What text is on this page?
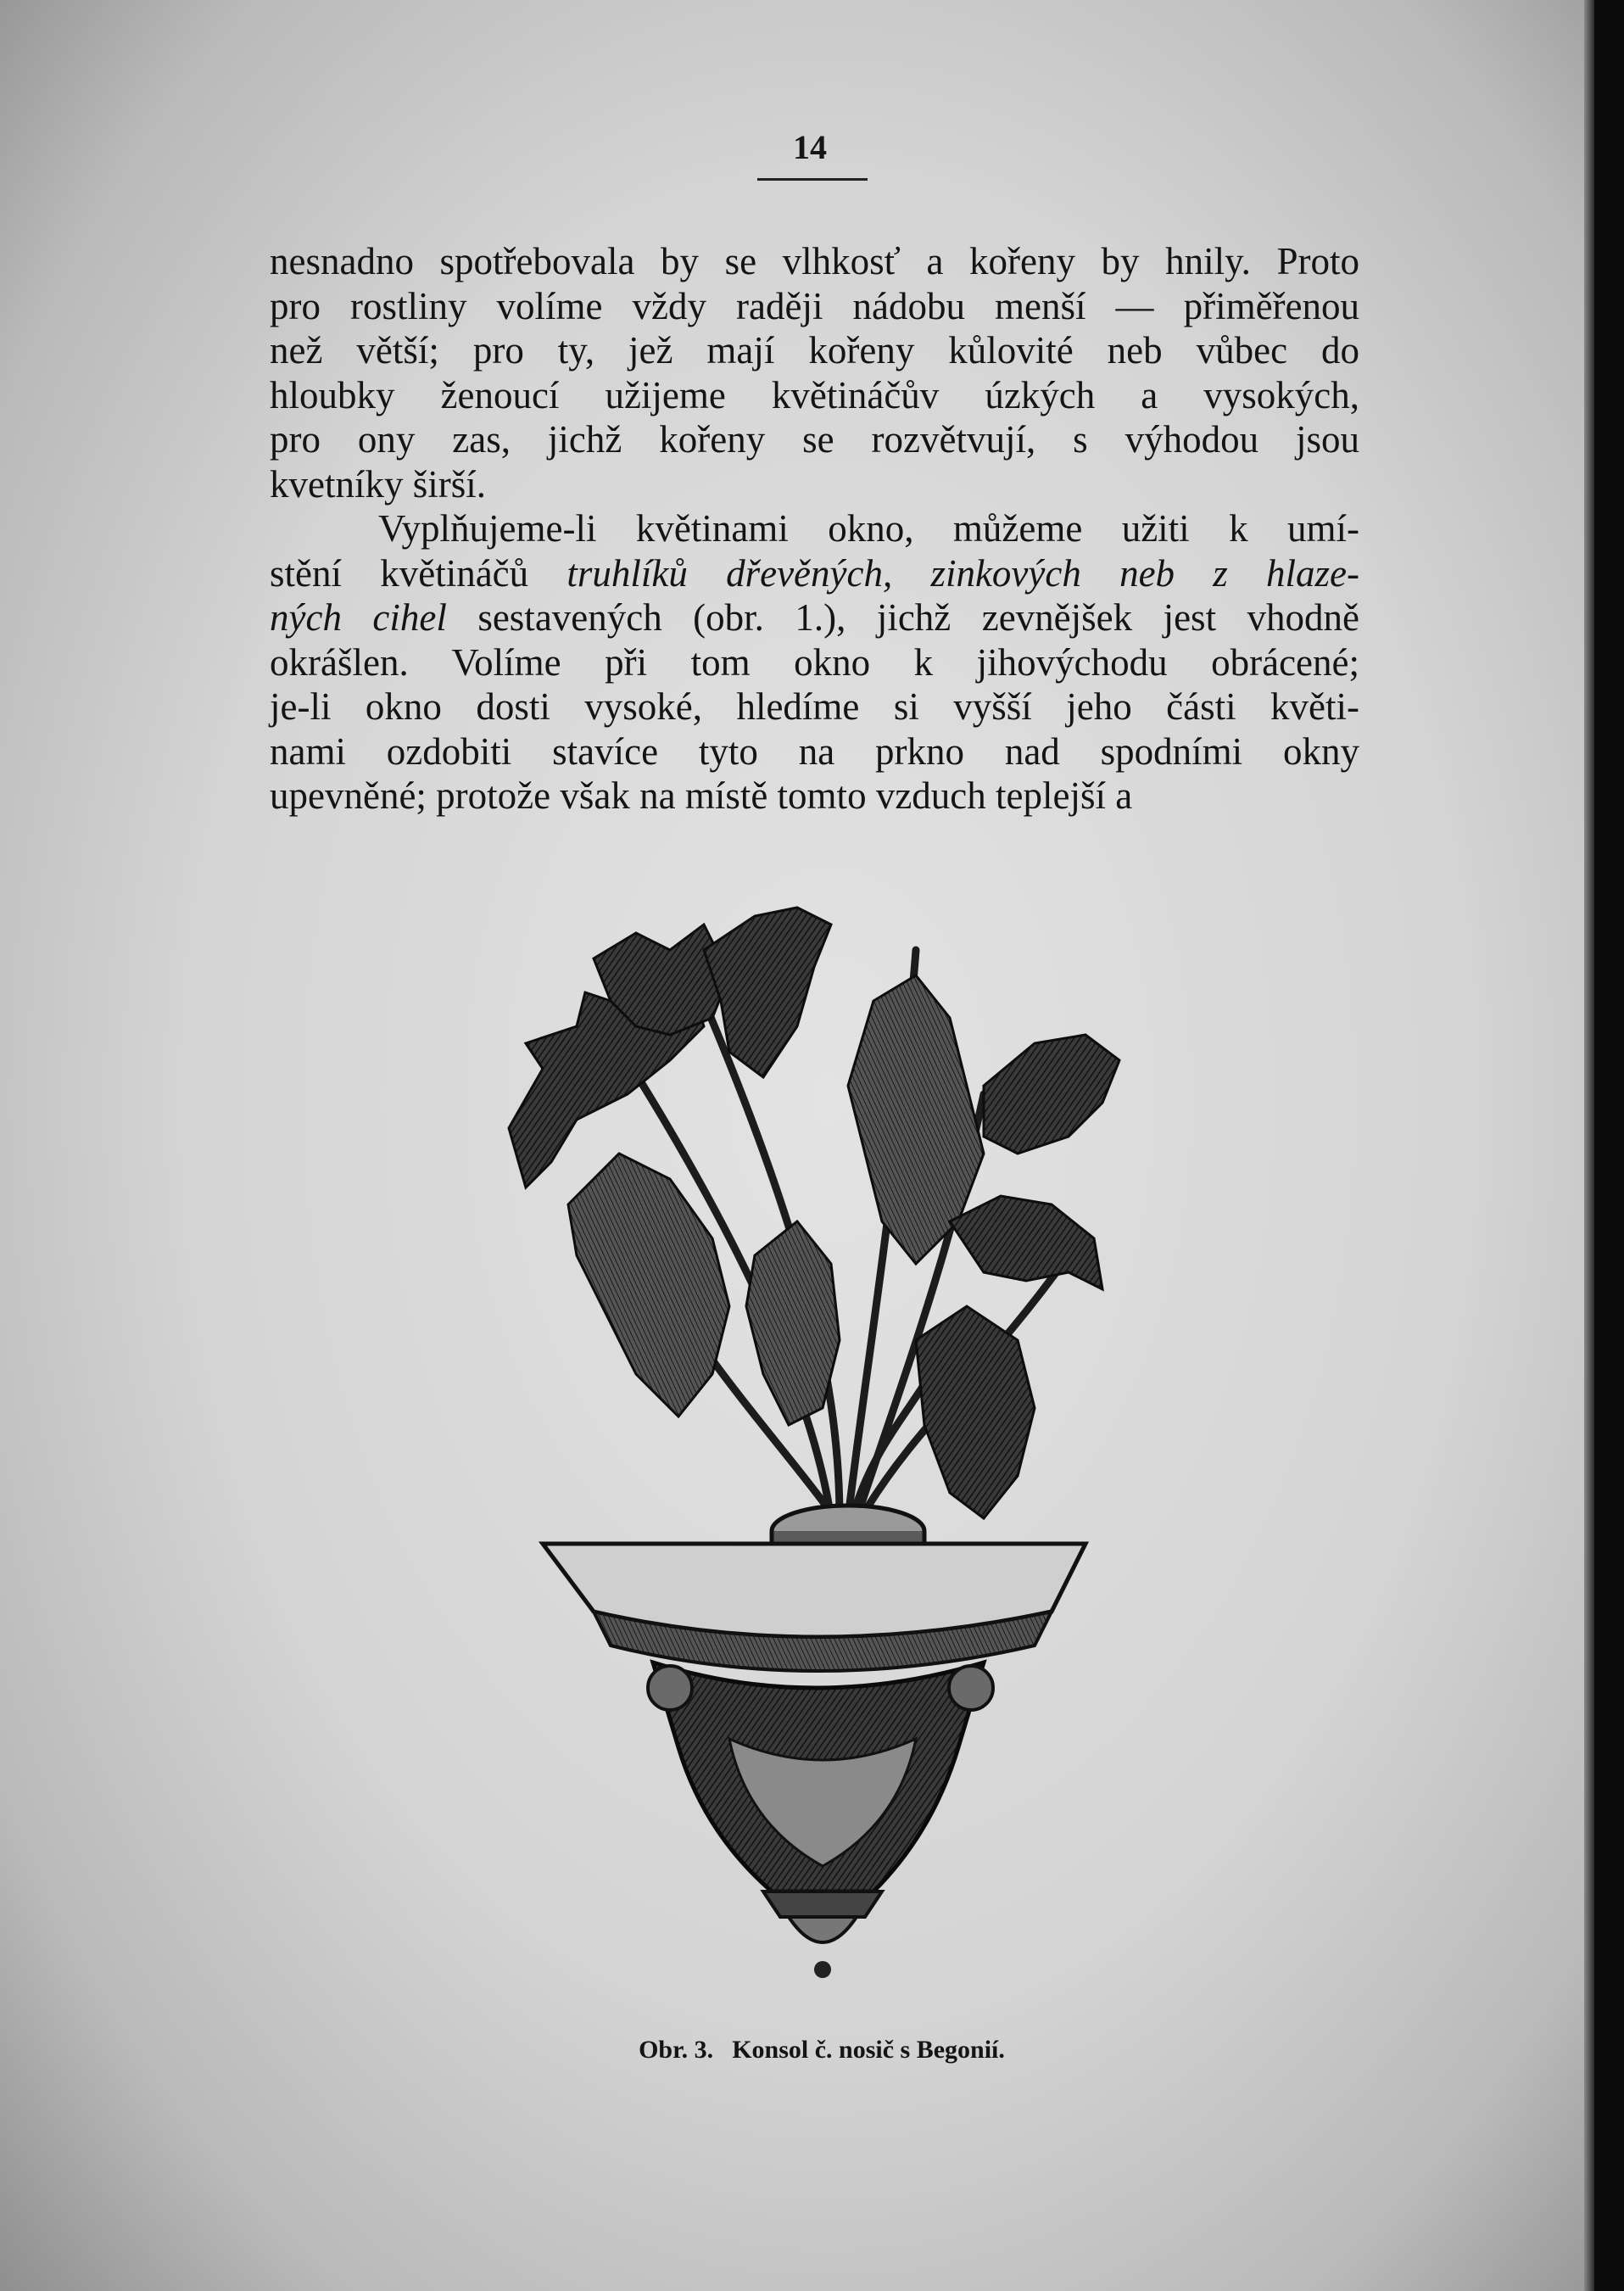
14
nesnadno spotřebovala by se vlhkosť a kořeny by hnily. Proto
pro rostliny volíme vždy raději nádobu menší — přiměřenou
než větší; pro ty, jež mají kořeny kůlovité neb vůbec do
hloubky ženoucí užijeme květináčův úzkých a vysokých,
pro ony zas, jichž kořeny se rozvětvují, s výhodou jsou
kvetníky širší.
Vyplňujeme-li květinami okno, můžeme užiti k umí-
stění květináčů truhlíků dřevěných, zinkových neb z hlaze-
ných cihel sestavených (obr. 1.), jichž zevnějšek jest vhodně
okrášlen. Volíme při tom okno k jihovýchodu obrácené;
je-li okno dosti vysoké, hledíme si vyšší jeho části květi-
nami ozdobiti stavíce tyto na prkno nad spodními okny
upevněné; protože však na místě tomto vzduch teplejší a
Obr. 3. Konsol č. nosič s Begonií.
